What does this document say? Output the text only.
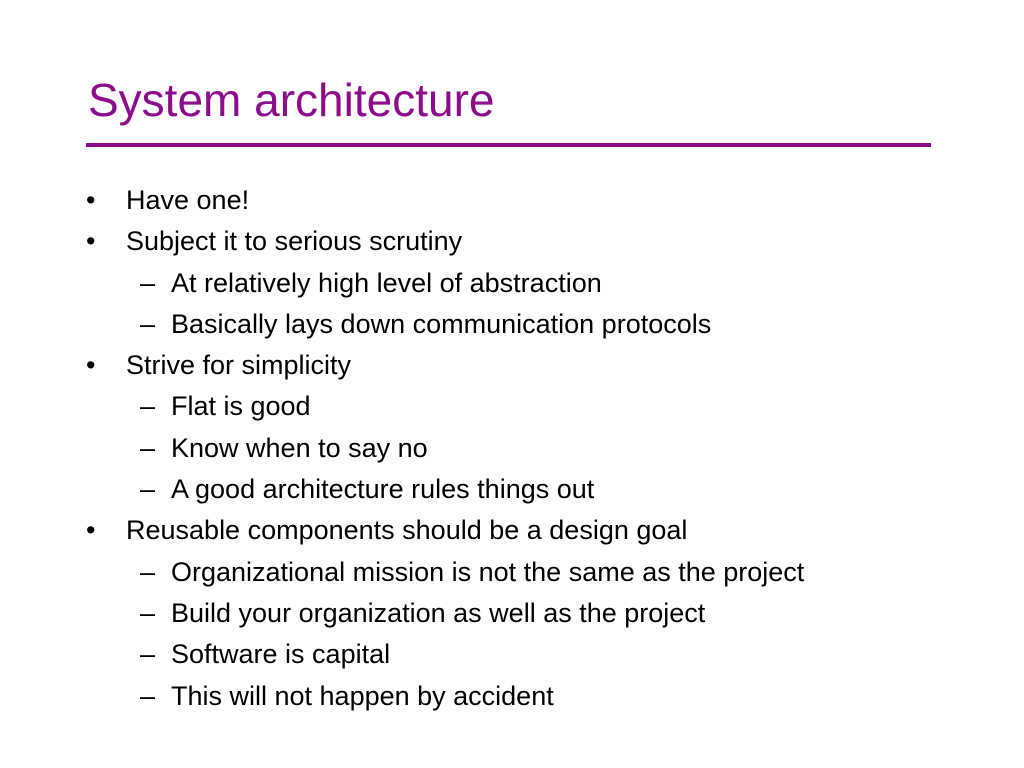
System architecture
• Have one!
• Subject it to serious scrutiny
– At relatively high level of abstraction
– Basically lays down communication protocols
• Strive for simplicity
– Flat is good
– Know when to say no
– A good architecture rules things out
• Reusable components should be a design goal
– Organizational mission is not the same as the project
– Build your organization as well as the project
– Software is capital
– This will not happen by accident
